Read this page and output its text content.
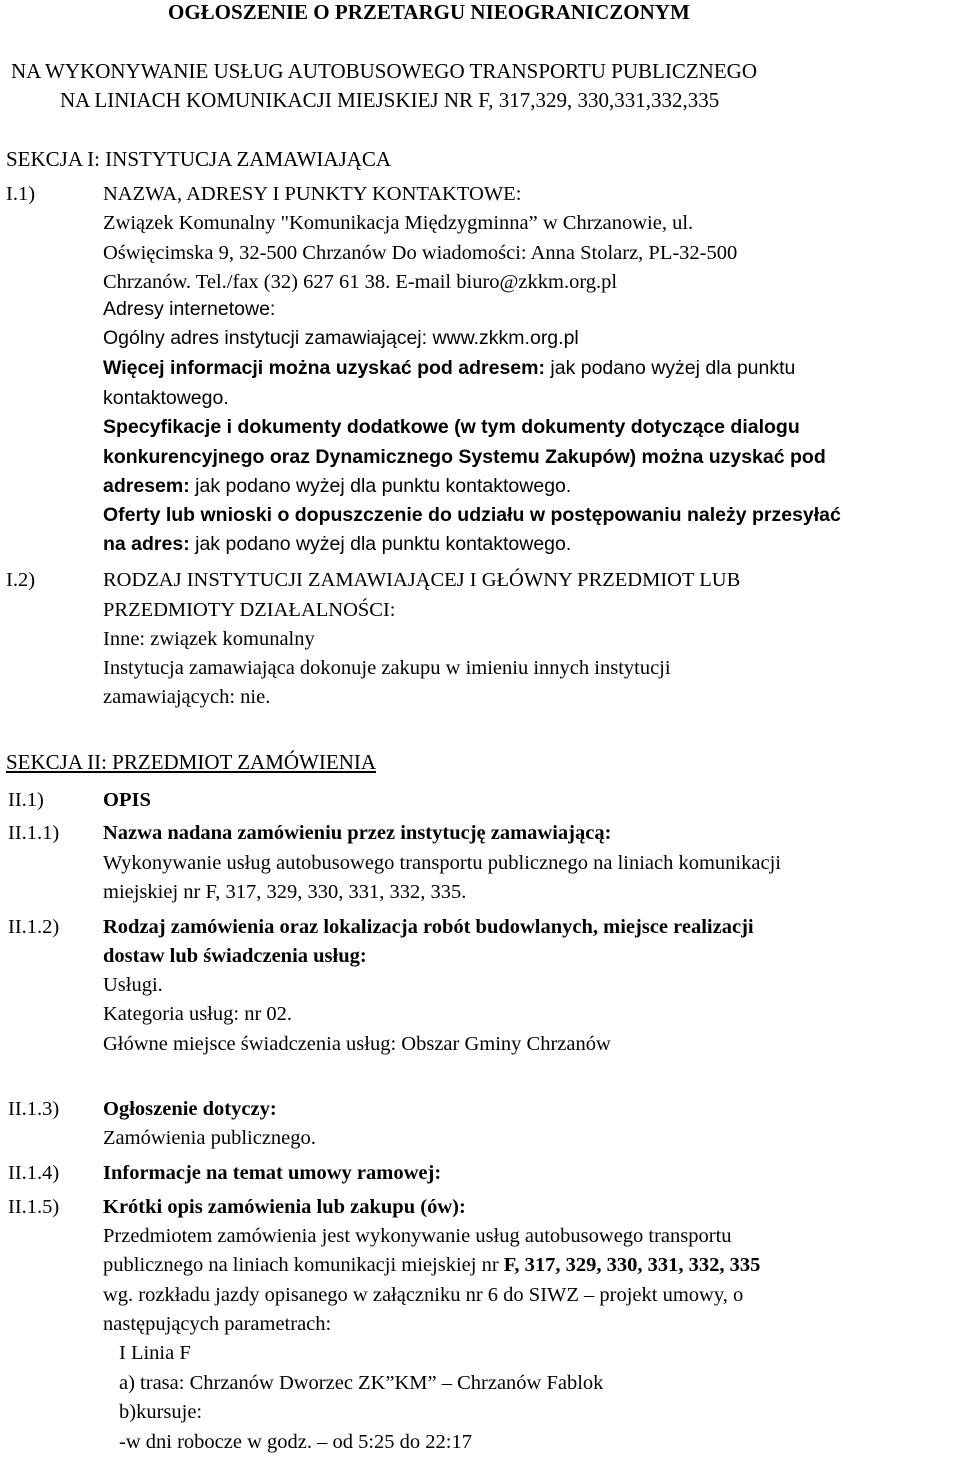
OGŁOSZENIE O PRZETARGU NIEOGRANICZONYM
NA WYKONYWANIE USŁUG AUTOBUSOWEGO TRANSPORTU PUBLICZNEGO
NA LINIACH KOMUNIKACJI MIEJSKIEJ NR F, 317,329, 330,331,332,335
SEKCJA I: INSTYTUCJA ZAMAWIAJĄCA
I.1)	NAZWA, ADRESY I PUNKTY KONTAKTOWE:
Związek Komunalny "Komunikacja Międzygminna” w Chrzanowie, ul.
Oświęcimska 9, 32-500 Chrzanów Do wiadomości: Anna Stolarz, PL-32-500
Chrzanów. Tel./fax (32) 627 61 38. E-mail biuro@zkkm.org.pl
Adresy internetowe:
Ogólny adres instytucji zamawiającej: www.zkkm.org.pl
Więcej informacji można uzyskać pod adresem: jak podano wyżej dla punktu
kontaktowego.
Specyfikacje i dokumenty dodatkowe (w tym dokumenty dotyczące dialogu
konkurencyjnego oraz Dynamicznego Systemu Zakupów) można uzyskać pod
adresem: jak podano wyżej dla punktu kontaktowego.
Oferty lub wnioski o dopuszczenie do udziału w postępowaniu należy przesyłać
na adres: jak podano wyżej dla punktu kontaktowego.
I.2)	RODZAJ INSTYTUCJI ZAMAWIAJĄCEJ I GŁÓWNY PRZEDMIOT LUB
PRZEDMIOTY DZIAŁALNOŚCI:
Inne: związek komunalny
Instytucja zamawiająca dokonuje zakupu w imieniu innych instytucji
zamawiających: nie.
SEKCJA II: PRZEDMIOT ZAMÓWIENIA
II.1)	OPIS
II.1.1) Nazwa nadana zamówieniu przez instytucję zamawiającą:
Wykonywanie usług autobusowego transportu publicznego na liniach komunikacji
miejskiej nr F, 317, 329, 330, 331, 332, 335.
II.1.2) Rodzaj zamówienia oraz lokalizacja robót budowlanych, miejsce realizacji
dostaw lub świadczenia usług:
Usługi.
Kategoria usług: nr 02.
Główne miejsce świadczenia usług: Obszar Gminy Chrzanów
II.1.3) Ogłoszenie dotyczy:
Zamówienia publicznego.
II.1.4) Informacje na temat umowy ramowej:
II.1.5) Krótki opis zamówienia lub zakupu (ów):
Przedmiotem zamówienia jest wykonywanie usług autobusowego transportu
publicznego na liniach komunikacji miejskiej nr F, 317, 329, 330, 331, 332, 335
wg. rozkładu jazdy opisanego w załączniku nr 6 do SIWZ – projekt umowy, o
następujących parametrach:
I Linia F
a) trasa: Chrzanów Dworzec ZK”KM” – Chrzanów Fablok
b)kursuje:
-w dni robocze w godz. – od 5:25 do 22:17
